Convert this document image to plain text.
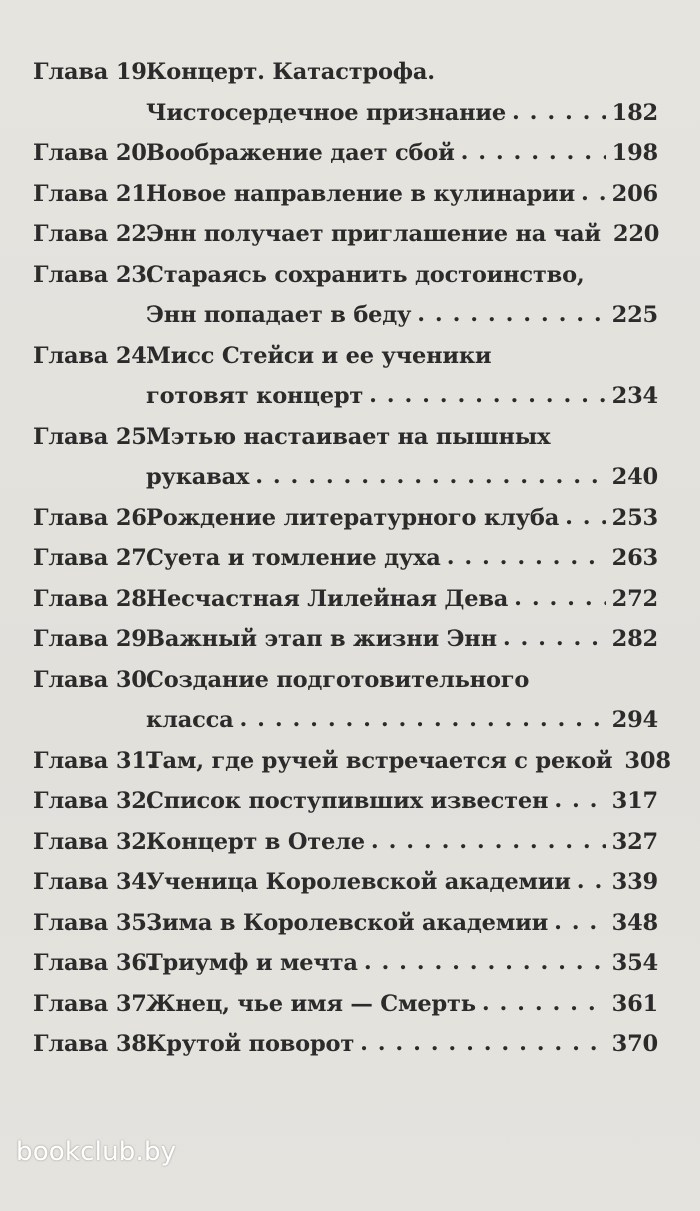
Глава 19.
Концерт. Катастрофа.
Чистосердечное признание . . .	182
Глава 20.
Воображение дает сбой . . .	198
Глава 21.
Новое направление в кулинарии . . . 206
Глава 22.
Энн получает приглашение на чай 220
Глава 23.
Стараясь сохранить достоинство,
Энн попадает в беду . . .	225
Глава 24.
Мисс Стейси и ее ученики
готовят концерт . . .	234
Глава 25.
Мэтью настаивает на пышных
рукавах . . .	240
Глава 26.
Рождение литературного клуба . . . 253
Глава 27.
Суета и томление духа . . .	263
Глава 28.
Несчастная Лилейная Дева . . .	272
Глава 29.
Важный этап в жизни Энн . . .	282
Глава 30.
Создание подготовительного
класса . . .	294
Глава 31.
Там, где ручей встречается с рекой 308
Глава 32.
Список поступивших известен . . .	317
Глава 32.
Концерт в Отеле . . .	327
Глава 34.
Ученица Королевской академии . . . 339
Глава 35.
Зима в Королевской академии . . .	348
Глава 36.
Триумф и мечта . . .	354
Глава 37.
Жнец, чье имя — Смерть . . .	361
Глава 38.
Крутой поворот . . .	370
bookclub.by
